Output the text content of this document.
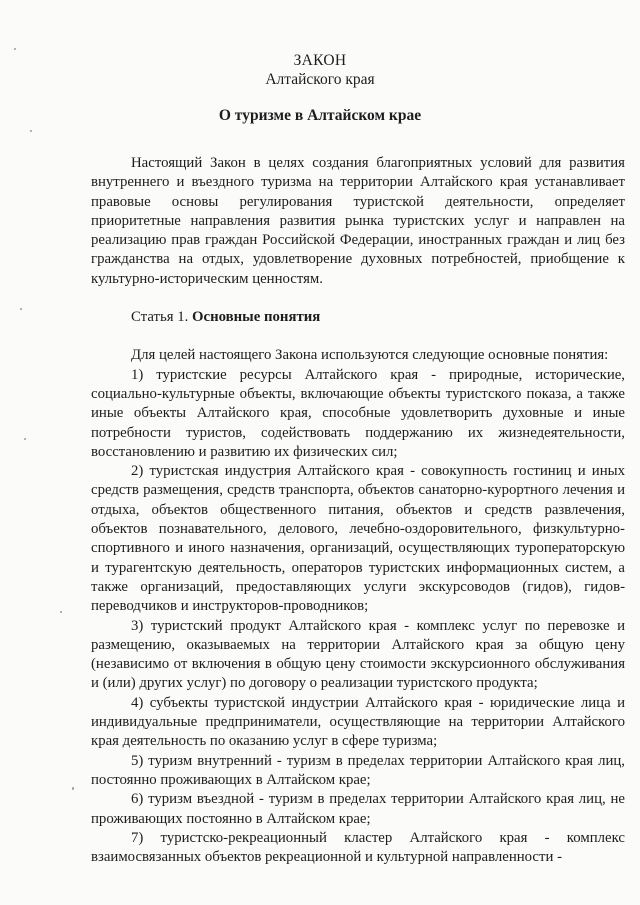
ЗАКОН
Алтайского края
О туризме в Алтайском крае

Настоящий Закон в целях создания благоприятных условий для развития внутреннего и въездного туризма на территории Алтайского края устанавливает правовые основы регулирования туристской деятельности, определяет приоритетные направления развития рынка туристских услуг и направлен на реализацию прав граждан Российской Федерации, иностранных граждан и лиц без гражданства на отдых, удовлетворение духовных потребностей, приобщение к культурно-историческим ценностям.

Статья 1. Основные понятия

Для целей настоящего Закона используются следующие основные понятия:

1) туристские ресурсы Алтайского края - природные, исторические, социально-культурные объекты, включающие объекты туристского показа, а также иные объекты Алтайского края, способные удовлетворить духовные и иные потребности туристов, содействовать поддержанию их жизнедеятельности, восстановлению и развитию их физических сил;

2) туристская индустрия Алтайского края - совокупность гостиниц и иных средств размещения, средств транспорта, объектов санаторно-курортного лечения и отдыха, объектов общественного питания, объектов и средств развлечения, объектов познавательного, делового, лечебно-оздоровительного, физкультурно-спортивного и иного назначения, организаций, осуществляющих туроператорскую и турагентскую деятельность, операторов туристских информационных систем, а также организаций, предоставляющих услуги экскурсоводов (гидов), гидов-переводчиков и инструкторов-проводников;

3) туристский продукт Алтайского края - комплекс услуг по перевозке и размещению, оказываемых на территории Алтайского края за общую цену (независимо от включения в общую цену стоимости экскурсионного обслуживания и (или) других услуг) по договору о реализации туристского продукта;

4) субъекты туристской индустрии Алтайского края - юридические лица и индивидуальные предприниматели, осуществляющие на территории Алтайского края деятельность по оказанию услуг в сфере туризма;

5) туризм внутренний - туризм в пределах территории Алтайского края лиц, постоянно проживающих в Алтайском крае;

6) туризм въездной - туризм в пределах территории Алтайского края лиц, не проживающих постоянно в Алтайском крае;

7) туристско-рекреационный кластер Алтайского края - комплекс взаимосвязанных объектов рекреационной и культурной направленности -
